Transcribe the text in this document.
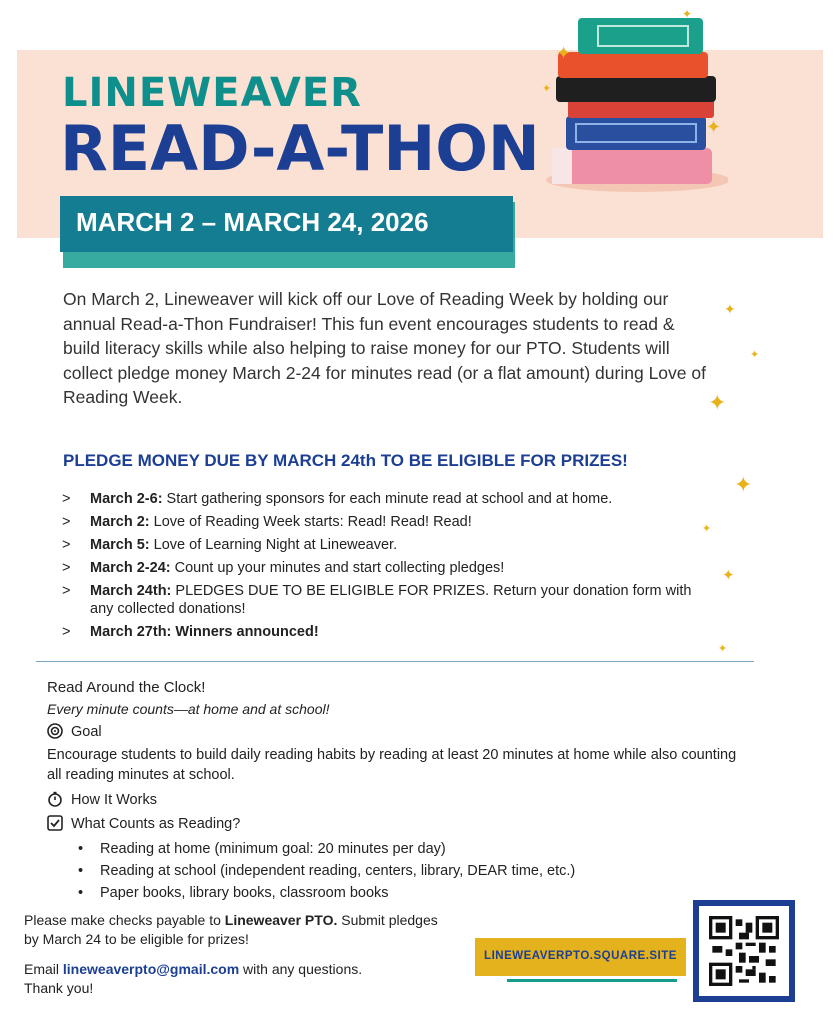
LINEWEAVER
READ-A-THON
MARCH 2 – MARCH 24, 2026
✦
✦
✦
✦
✦
✦
✦
✦
✦
✦
✦
On March 2, Lineweaver will kick off our Love of Reading Week by holding our annual Read-a-Thon Fundraiser! This fun event encourages students to read & build literacy skills while also helping to raise money for our PTO. Students will collect pledge money March 2-24 for minutes read (or a flat amount) during Love of Reading Week.
PLEDGE MONEY DUE BY MARCH 24th TO BE ELIGIBLE FOR PRIZES!
> March 2-6: Start gathering sponsors for each minute read at school and at home.
> March 2: Love of Reading Week starts: Read! Read! Read!
> March 5: Love of Learning Night at Lineweaver.
> March 2-24: Count up your minutes and start collecting pledges!
> March 24th: PLEDGES DUE TO BE ELIGIBLE FOR PRIZES. Return your donation form with any collected donations!
> March 27th: Winners announced!
Read Around the Clock!
Every minute counts—at home and at school!
Goal
Encourage students to build daily reading habits by reading at least 20 minutes at home while also counting all reading minutes at school.
How It Works
What Counts as Reading?
• Reading at home (minimum goal: 20 minutes per day)
• Reading at school (independent reading, centers, library, DEAR time, etc.)
• Paper books, library books, classroom books
Please make checks payable to Lineweaver PTO. Submit pledges by March 24 to be eligible for prizes!
Email lineweaverpto@gmail.com with any questions.
Thank you!
LINEWEAVERPTO.SQUARE.SITE
